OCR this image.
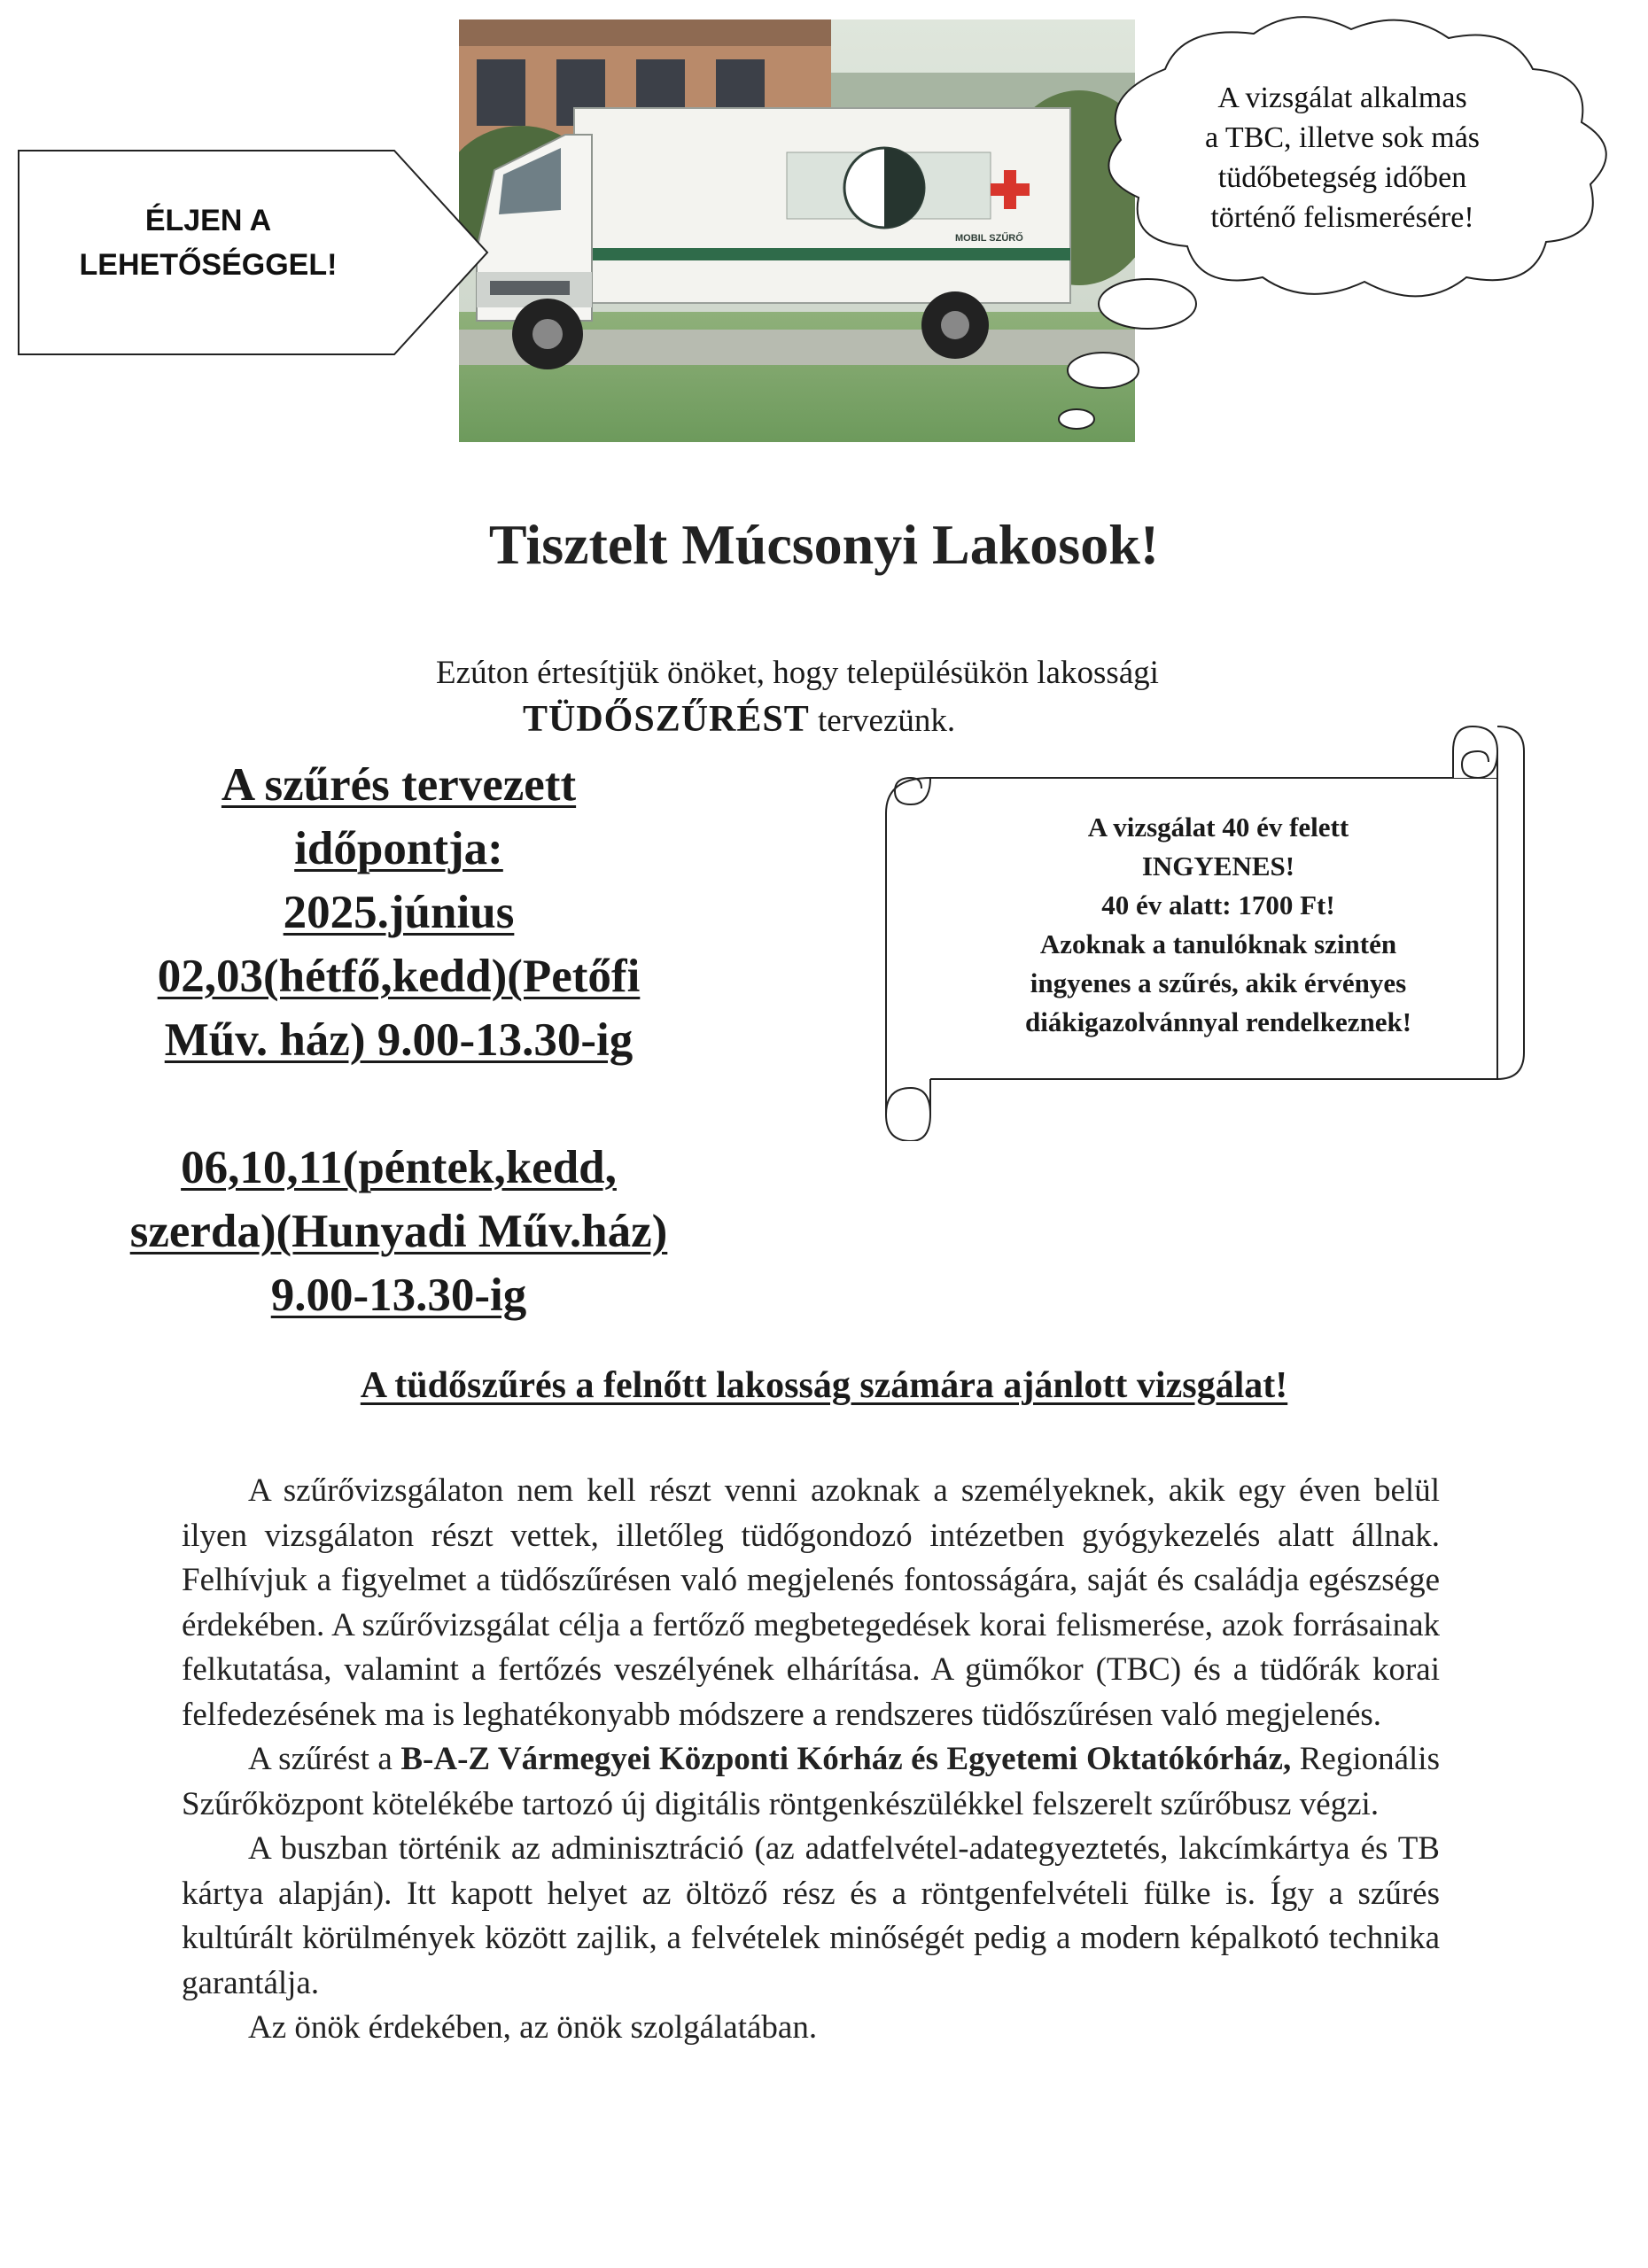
MOBIL SZŰRŐ
ÉLJEN A
LEHETŐSÉGGEL!
A vizsgálat alkalmas
a TBC, illetve sok más
tüdőbetegség időben
történő felismerésére!
Tisztelt Múcsonyi Lakosok!
Ezúton értesítjük önöket, hogy településükön lakossági
TÜDŐSZŰRÉST tervezünk.
A szűrés tervezett
időpontja:
2025.június
02,03(hétfő,kedd)(Petőfi
Műv. ház) 9.00-13.30-ig
06,10,11(péntek,kedd,
szerda)(Hunyadi Műv.ház)
9.00-13.30-ig
A vizsgálat 40 év felett
INGYENES!
40 év alatt: 1700 Ft!
Azoknak a tanulóknak szintén
ingyenes a szűrés, akik érvényes
diákigazolvánnyal rendelkeznek!
A tüdőszűrés a felnőtt lakosság számára ajánlott vizsgálat!

A szűrővizsgálaton nem kell részt venni azoknak a személyeknek, akik egy éven belül ilyen vizsgálaton részt vettek, illetőleg tüdőgondozó intézetben gyógykezelés alatt állnak. Felhívjuk a figyelmet a tüdőszűrésen való megjelenés fontosságára, saját és családja egészsége érdekében. A szűrővizsgálat célja a fertőző megbetegedések korai felismerése, azok forrásainak felkutatása, valamint a fertőzés veszélyének elhárítása. A gümőkor (TBC) és a tüdőrák korai felfedezésének ma is leghatékonyabb módszere a rendszeres tüdőszűrésen való megjelenés.

A szűrést a B-A-Z Vármegyei Központi Kórház és Egyetemi Oktatókórház, Regionális Szűrőközpont kötelékébe tartozó új digitális röntgenkészülékkel felszerelt szűrőbusz végzi.

A buszban történik az adminisztráció (az adatfelvétel-adategyeztetés, lakcímkártya és TB kártya alapján). Itt kapott helyet az öltöző rész és a röntgenfelvételi fülke is. Így a szűrés kultúrált körülmények között zajlik, a felvételek minőségét pedig a modern képalkotó technika garantálja.

Az önök érdekében, az önök szolgálatában.
